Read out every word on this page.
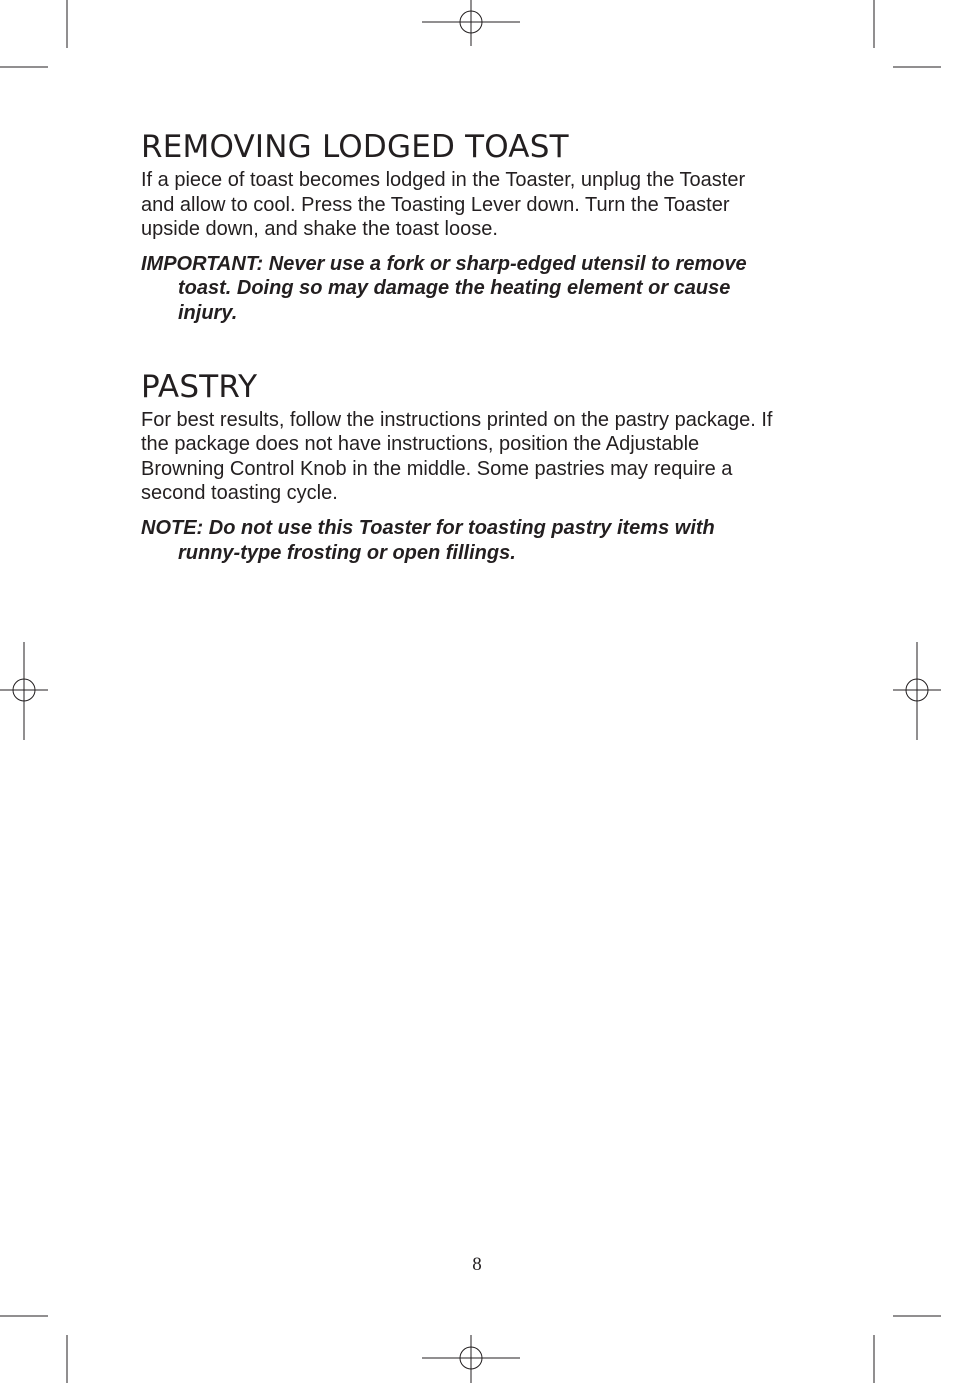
REMOVING LODGED TOAST

If a piece of toast becomes lodged in the Toaster, unplug the Toaster and allow to cool. Press the Toasting Lever down. Turn the Toaster upside down, and shake the toast loose.

IMPORTANT: Never use a fork or sharp-edged utensil to remove toast. Doing so may damage the heating element or cause injury.

PASTRY

For best results, follow the instructions printed on the pastry package. If the package does not have instructions, position the Adjustable Browning Control Knob in the middle. Some pastries may require a second toasting cycle.

NOTE: Do not use this Toaster for toasting pastry items with runny-type frosting or open fillings.

8
